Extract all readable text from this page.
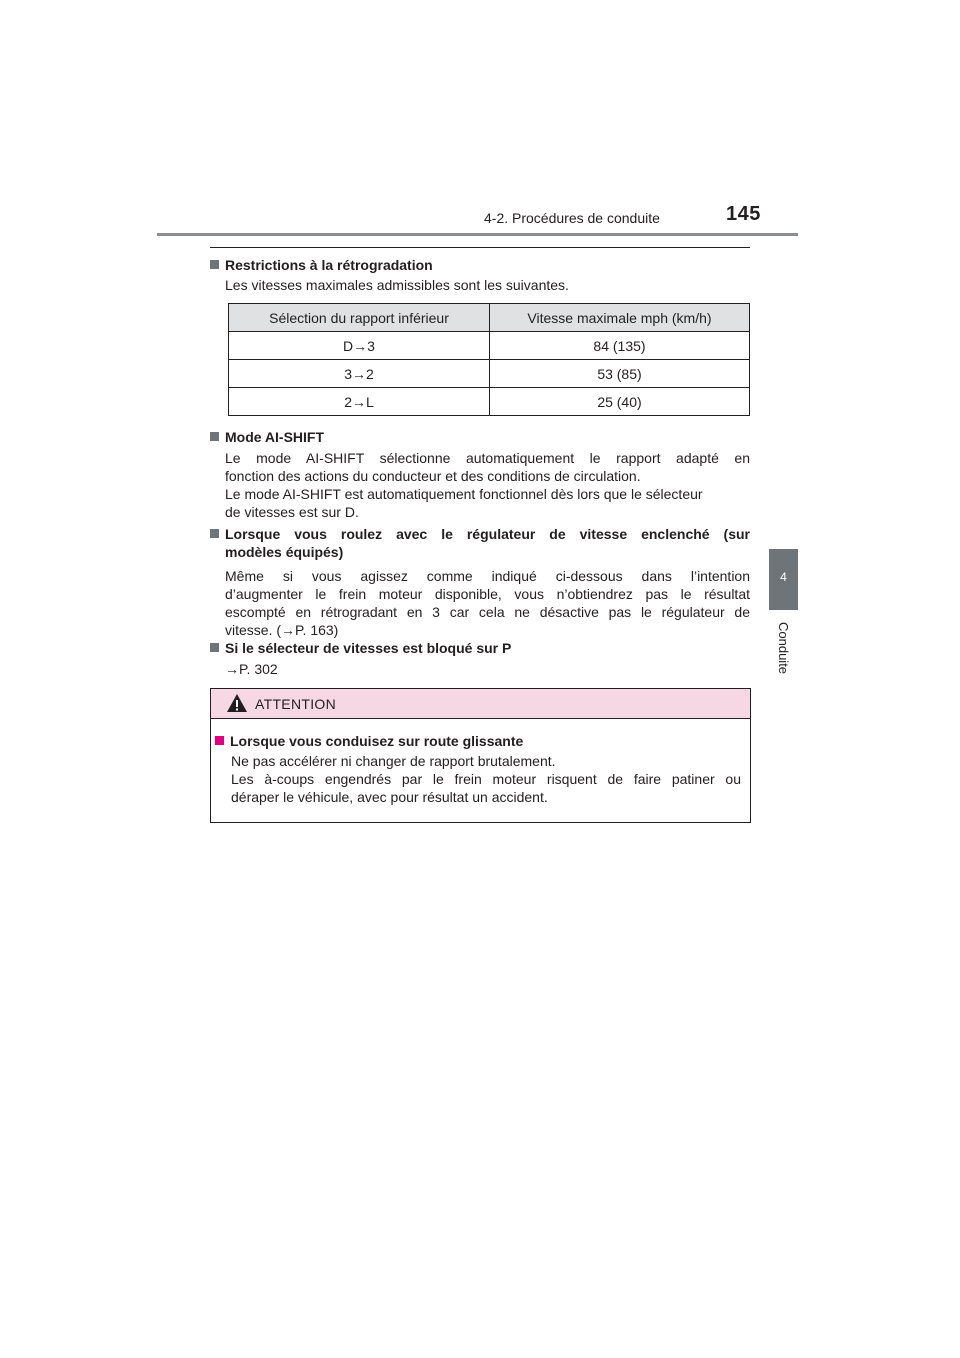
4-2. Procédures de conduite	145
4
Conduite
Restrictions à la rétrogradation
Les vitesses maximales admissibles sont les suivantes.
Sélection du rapport inférieur	Vitesse maximale mph (km/h)
D→3	84 (135)
3→2	53 (85)
2→L	25 (40)
Mode AI-SHIFT
Le mode AI-SHIFT sélectionne automatiquement le rapport adapté en
fonction des actions du conducteur et des conditions de circulation.
Le mode AI-SHIFT est automatiquement fonctionnel dès lors que le sélecteur
de vitesses est sur D.
Lorsque vous roulez avec le régulateur de vitesse enclenché (sur
modèles équipés)
Même si vous agissez comme indiqué ci-dessous dans l’intention
d’augmenter le frein moteur disponible, vous n’obtiendrez pas le résultat
escompté en rétrogradant en 3 car cela ne désactive pas le régulateur de
vitesse. (→P. 163)
Si le sélecteur de vitesses est bloqué sur P
→P. 302
ATTENTION
Lorsque vous conduisez sur route glissante
Ne pas accélérer ni changer de rapport brutalement.
Les à-coups engendrés par le frein moteur risquent de faire patiner ou
déraper le véhicule, avec pour résultat un accident.
